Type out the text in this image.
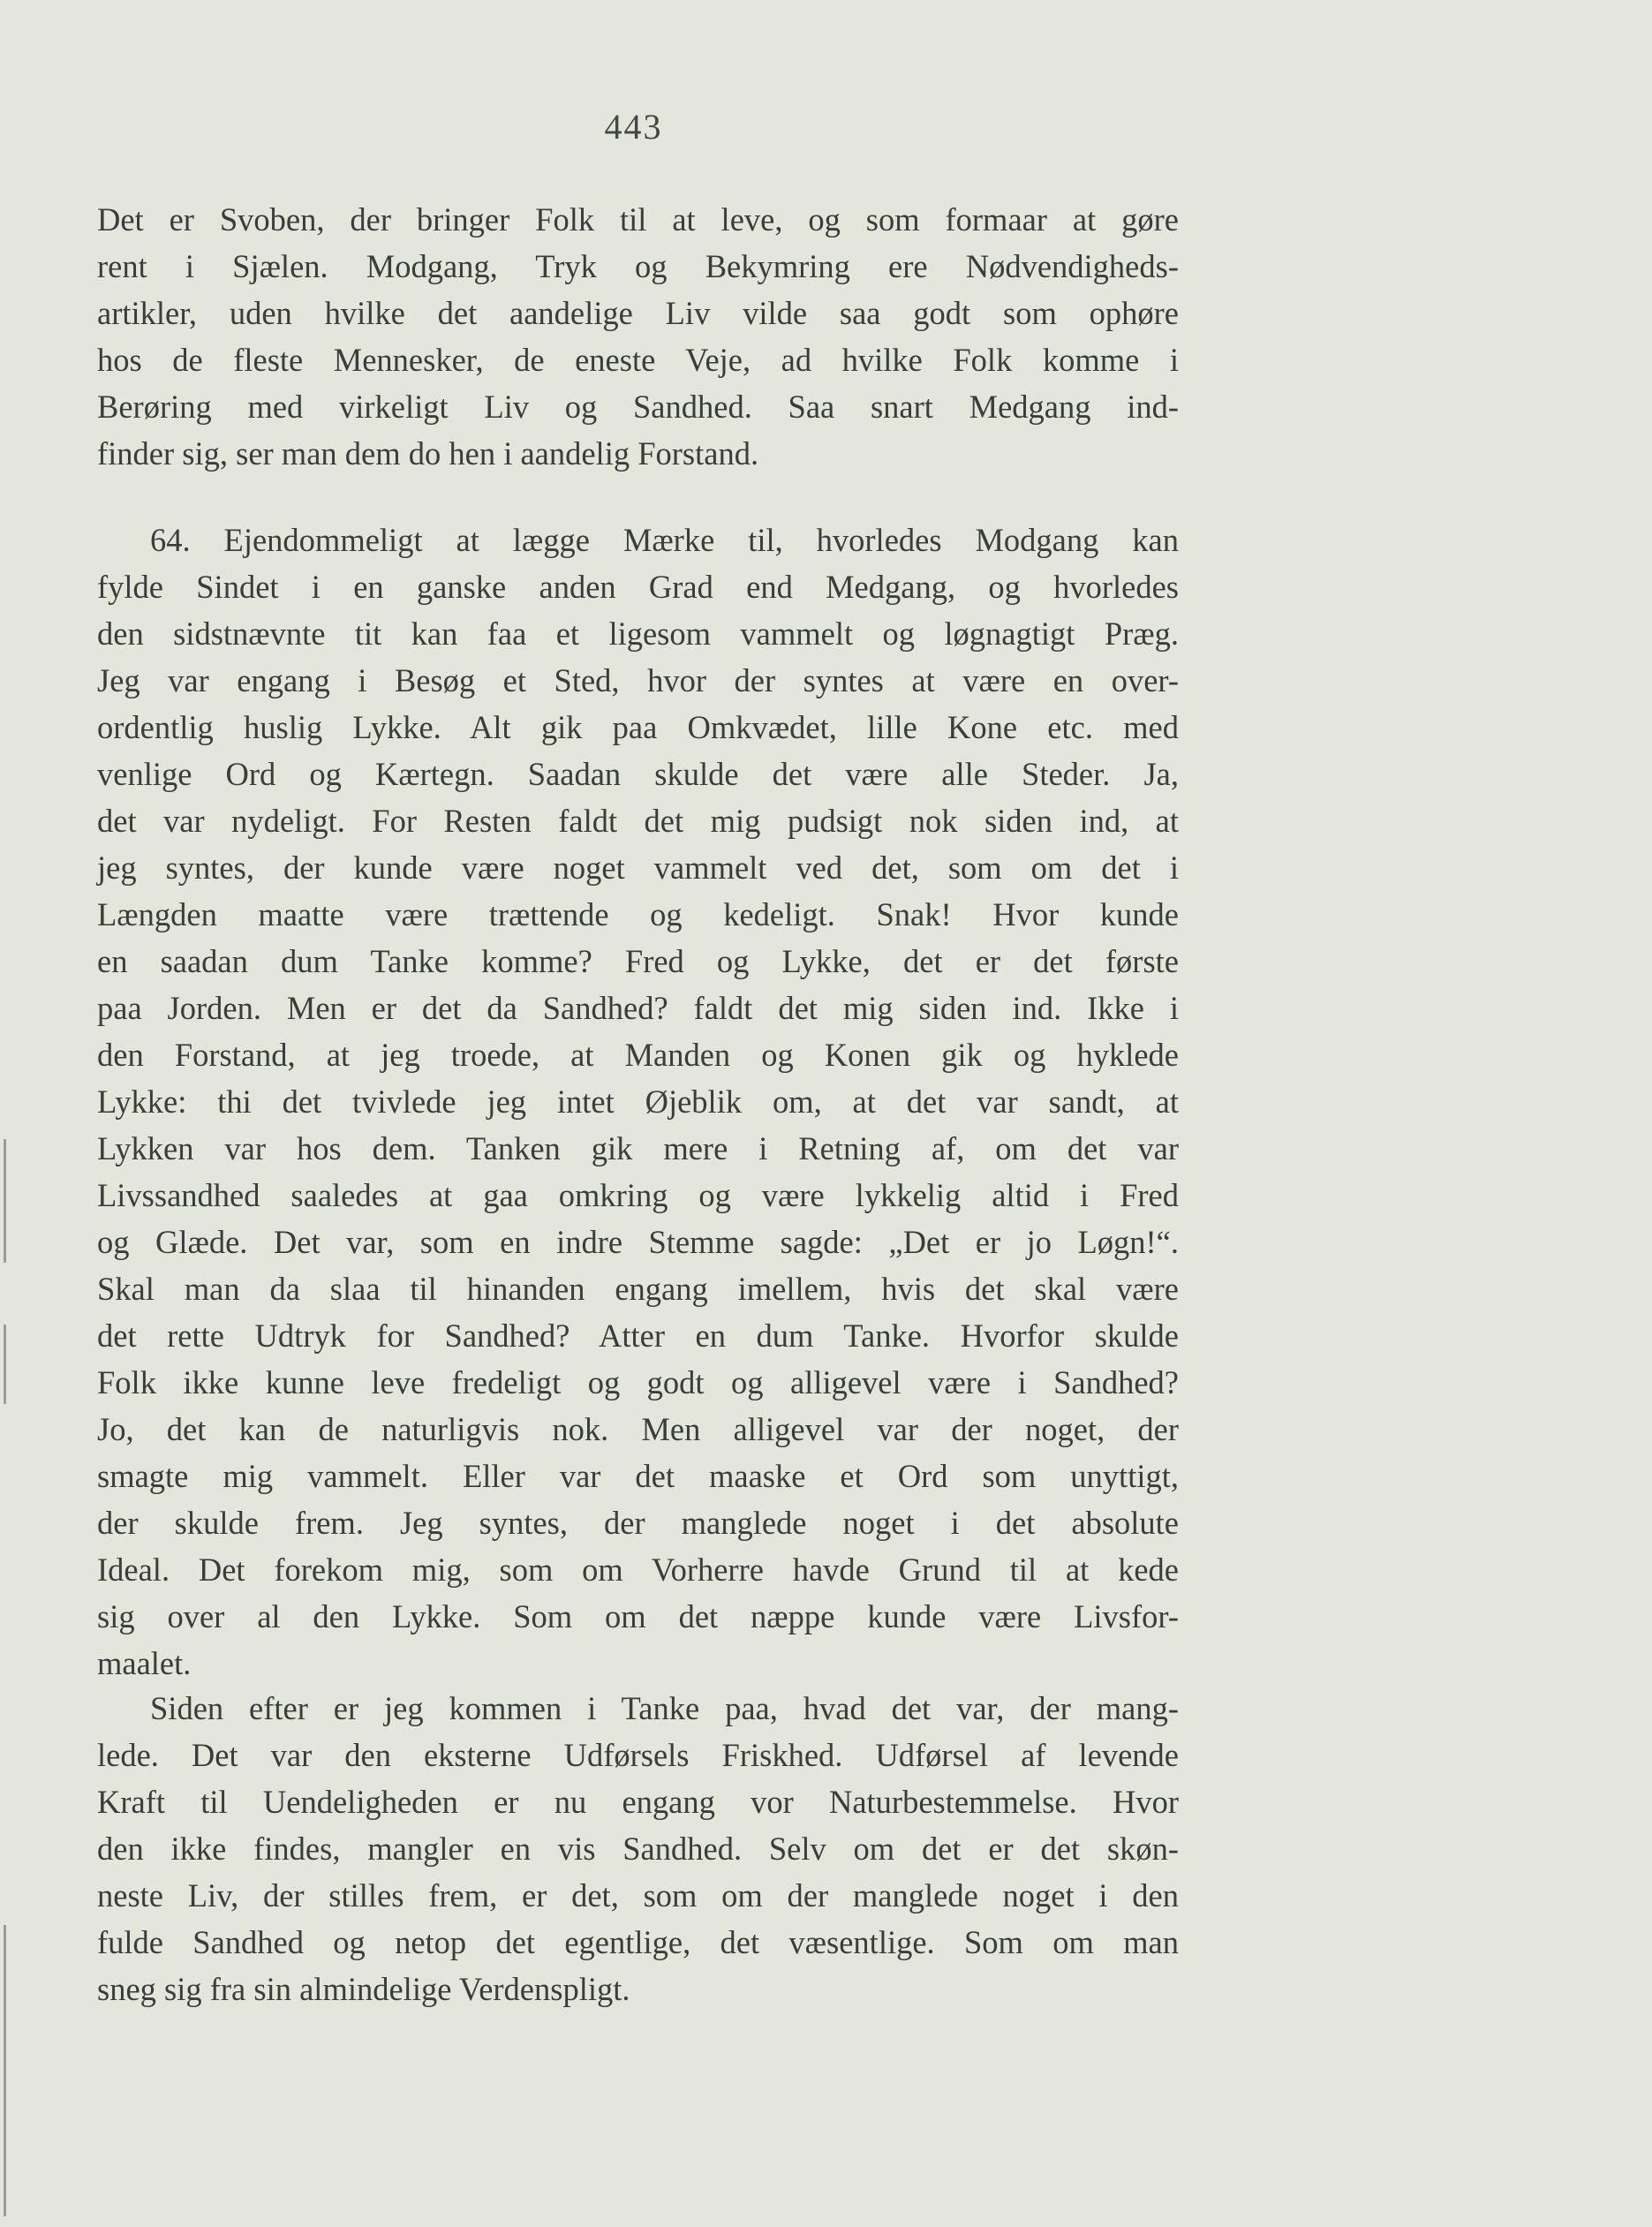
443
Det er Svoben, der bringer Folk til at leve, og som formaar at gøre
rent i Sjælen. Modgang, Tryk og Bekymring ere Nødvendigheds-
artikler, uden hvilke det aandelige Liv vilde saa godt som ophøre
hos de fleste Mennesker, de eneste Veje, ad hvilke Folk komme i
Berøring med virkeligt Liv og Sandhed. Saa snart Medgang ind-
finder sig, ser man dem do hen i aandelig Forstand.
64. Ejendommeligt at lægge Mærke til, hvorledes Modgang kan
fylde Sindet i en ganske anden Grad end Medgang, og hvorledes
den sidstnævnte tit kan faa et ligesom vammelt og løgnagtigt Præg.
Jeg var engang i Besøg et Sted, hvor der syntes at være en over-
ordentlig huslig Lykke. Alt gik paa Omkvædet, lille Kone etc. med
venlige Ord og Kærtegn. Saadan skulde det være alle Steder. Ja,
det var nydeligt. For Resten faldt det mig pudsigt nok siden ind, at
jeg syntes, der kunde være noget vammelt ved det, som om det i
Længden maatte være trættende og kedeligt. Snak! Hvor kunde
en saadan dum Tanke komme? Fred og Lykke, det er det første
paa Jorden. Men er det da Sandhed? faldt det mig siden ind. Ikke i
den Forstand, at jeg troede, at Manden og Konen gik og hyklede
Lykke: thi det tvivlede jeg intet Øjeblik om, at det var sandt, at
Lykken var hos dem. Tanken gik mere i Retning af, om det var
Livssandhed saaledes at gaa omkring og være lykkelig altid i Fred
og Glæde. Det var, som en indre Stemme sagde: „Det er jo Løgn!“.
Skal man da slaa til hinanden engang imellem, hvis det skal være
det rette Udtryk for Sandhed? Atter en dum Tanke. Hvorfor skulde
Folk ikke kunne leve fredeligt og godt og alligevel være i Sandhed?
Jo, det kan de naturligvis nok. Men alligevel var der noget, der
smagte mig vammelt. Eller var det maaske et Ord som unyttigt,
der skulde frem. Jeg syntes, der manglede noget i det absolute
Ideal. Det forekom mig, som om Vorherre havde Grund til at kede
sig over al den Lykke. Som om det næppe kunde være Livsfor-
maalet.
Siden efter er jeg kommen i Tanke paa, hvad det var, der mang-
lede. Det var den eksterne Udførsels Friskhed. Udførsel af levende
Kraft til Uendeligheden er nu engang vor Naturbestemmelse. Hvor
den ikke findes, mangler en vis Sandhed. Selv om det er det skøn-
neste Liv, der stilles frem, er det, som om der manglede noget i den
fulde Sandhed og netop det egentlige, det væsentlige. Som om man
sneg sig fra sin almindelige Verdenspligt.
